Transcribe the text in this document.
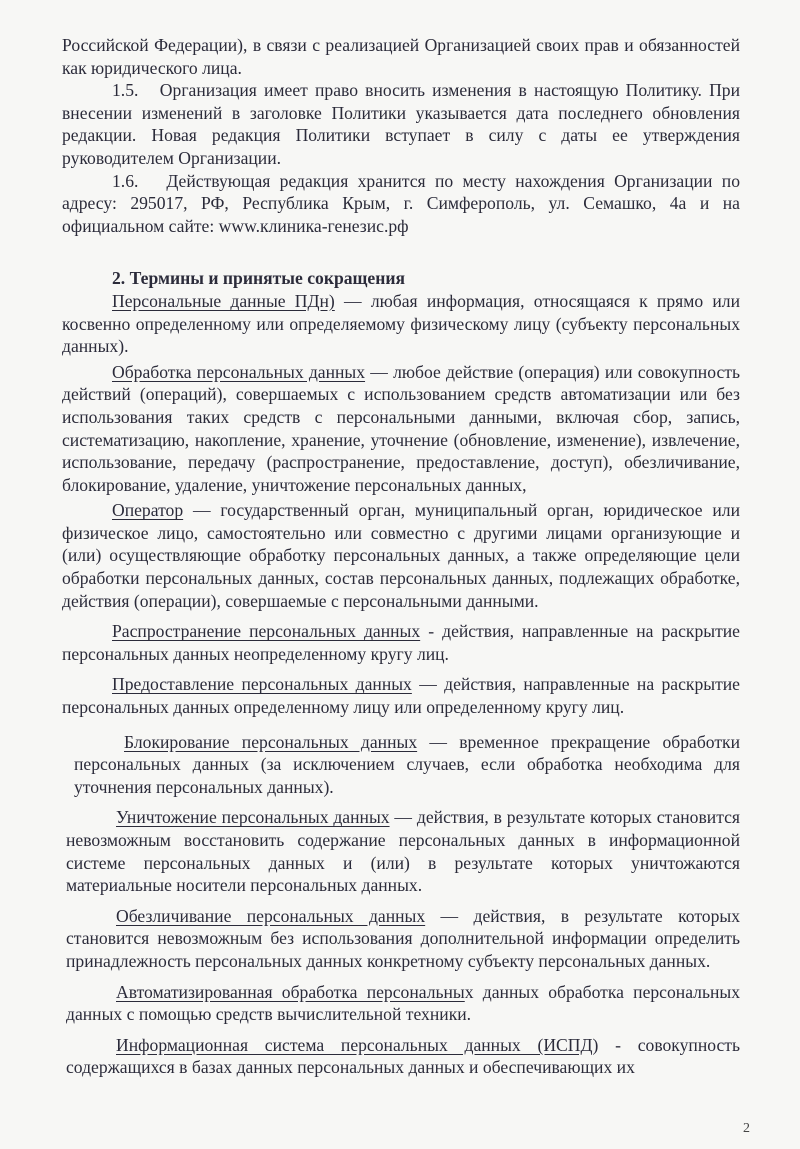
Российской Федерации), в связи с реализацией Организацией своих прав и обязанностей как юридического лица.

1.5.   Организация имеет право вносить изменения в настоящую Политику. При внесении изменений в заголовке Политики указывается дата последнего обновления редакции. Новая редакция Политики вступает в силу с даты ее утверждения руководителем Организации.

1.6.   Действующая редакция хранится по месту нахождения Организации по адресу: 295017, РФ, Республика Крым, г. Симферополь, ул. Семашко, 4а и на официальном сайте: www.клиника-генезис.рф

2. Термины и принятые сокращения

Персональные данные ПДн) — любая информация, относящаяся к прямо или косвенно определенному или определяемому физическому лицу (субъекту персональных данных).

Обработка персональных данных — любое действие (операция) или совокупность действий (операций), совершаемых с использованием средств автоматизации или без использования таких средств с персональными данными, включая сбор, запись, систематизацию, накопление, хранение, уточнение (обновление, изменение), извлечение, использование, передачу (распространение, предоставление, доступ), обезличивание, блокирование, удаление, уничтожение персональных данных,

Оператор — государственный орган, муниципальный орган, юридическое или физическое лицо, самостоятельно или совместно с другими лицами организующие и (или) осуществляющие обработку персональных данных, а также определяющие цели обработки персональных данных, состав персональных данных, подлежащих обработке, действия (операции), совершаемые с персональными данными.

Распространение персональных данных - действия, направленные на раскрытие персональных данных неопределенному кругу лиц.

Предоставление персональных данных — действия, направленные на раскрытие персональных данных определенному лицу или определенному кругу лиц.

Блокирование персональных данных — временное прекращение обработки персональных данных (за исключением случаев, если обработка необходима для уточнения персональных данных).

Уничтожение персональных данных — действия, в результате которых становится невозможным восстановить содержание персональных данных в информационной системе персональных данных и (или) в результате которых уничтожаются материальные носители персональных данных.

Обезличивание персональных данных — действия, в результате которых становится невозможным без использования дополнительной информации определить принадлежность персональных данных конкретному субъекту персональных данных.

Автоматизированная обработка персональных данных обработка персональных данных с помощью средств вычислительной техники.

Информационная система персональных данных (ИСПД) - совокупность содержащихся в базах данных персональных данных и обеспечивающих их

2
